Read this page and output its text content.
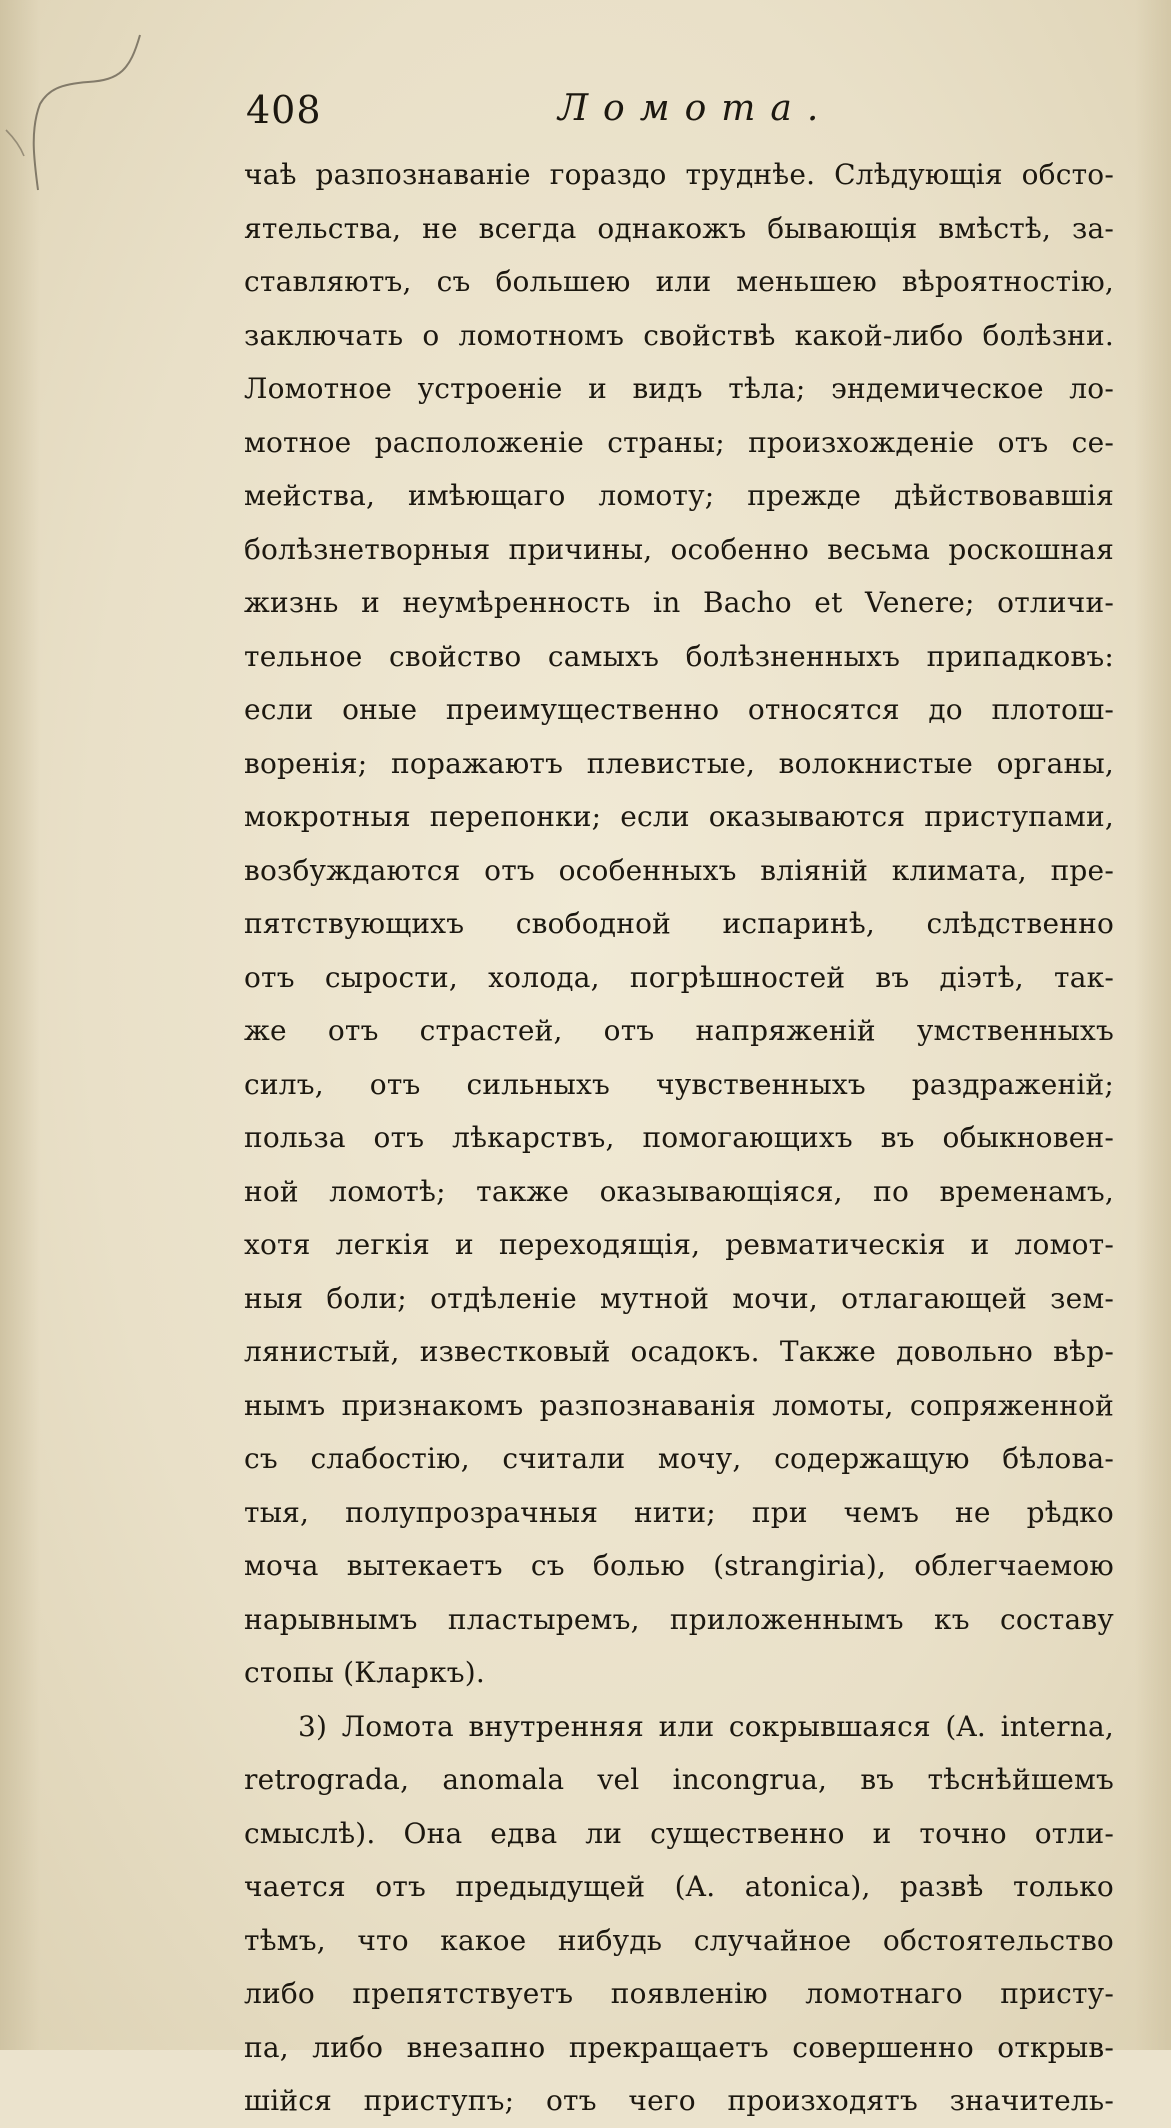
408	Ломота.
чаѣ разпознаваніе гораздо труднѣе. Слѣдующія обсто-
ятельства, не всегда однакожъ бывающія вмѣстѣ, за-
ставляютъ, съ большею или меньшею вѣроятностію,
заключать о ломотномъ свойствѣ какой-либо болѣзни.
Ломотное устроеніе и видъ тѣла; эндемическое ло-
мотное расположеніе страны; произхожденіе отъ се-
мейства, имѣющаго ломоту; прежде дѣйствовавшія
болѣзнетворныя причины, особенно весьма роскошная
жизнь и неумѣренность in Bacho et Venere; отличи-
тельное свойство самыхъ болѣзненныхъ припадковъ:
если оные преимущественно относятся до плотош-
воренія; поражаютъ плевистые, волокнистые органы,
мокротныя перепонки; если оказываются приступами,
возбуждаются отъ особенныхъ вліяній климата, пре-
пятствующихъ свободной испаринѣ, слѣдственно
отъ сырости, холода, погрѣшностей въ діэтѣ, так-
же отъ страстей, отъ напряженій умственныхъ
силъ, отъ сильныхъ чувственныхъ раздраженій;
польза отъ лѣкарствъ, помогающихъ въ обыкновен-
ной ломотѣ; также оказывающіяся, по временамъ,
хотя легкія и переходящія, ревматическія и ломот-
ныя боли; отдѣленіе мутной мочи, отлагающей зем-
лянистый, известковый осадокъ. Также довольно вѣр-
нымъ признакомъ разпознаванія ломоты, сопряженной
съ слабостію, считали мочу, содержащую бѣлова-
тыя, полупрозрачныя нити; при чемъ не рѣдко
моча вытекаетъ съ болью (strangiria), облегчаемою
нарывнымъ пластыремъ, приложеннымъ къ составу
стопы (Кларкъ).
3) Ломота внутренняя или сокрывшаяся (A. interna,
retrograda, anomala vel incongrua, въ тѣснѣйшемъ
смыслѣ). Она едва ли существенно и точно отли-
чается отъ предыдущей (A. atonica), развѣ только
тѣмъ, что какое нибудь случайное обстоятельство
либо препятствуетъ появленію ломотнаго присту-
па, либо внезапно прекращаетъ совершенно открыв-
шійся приступъ; отъ чего произходятъ значитель-
